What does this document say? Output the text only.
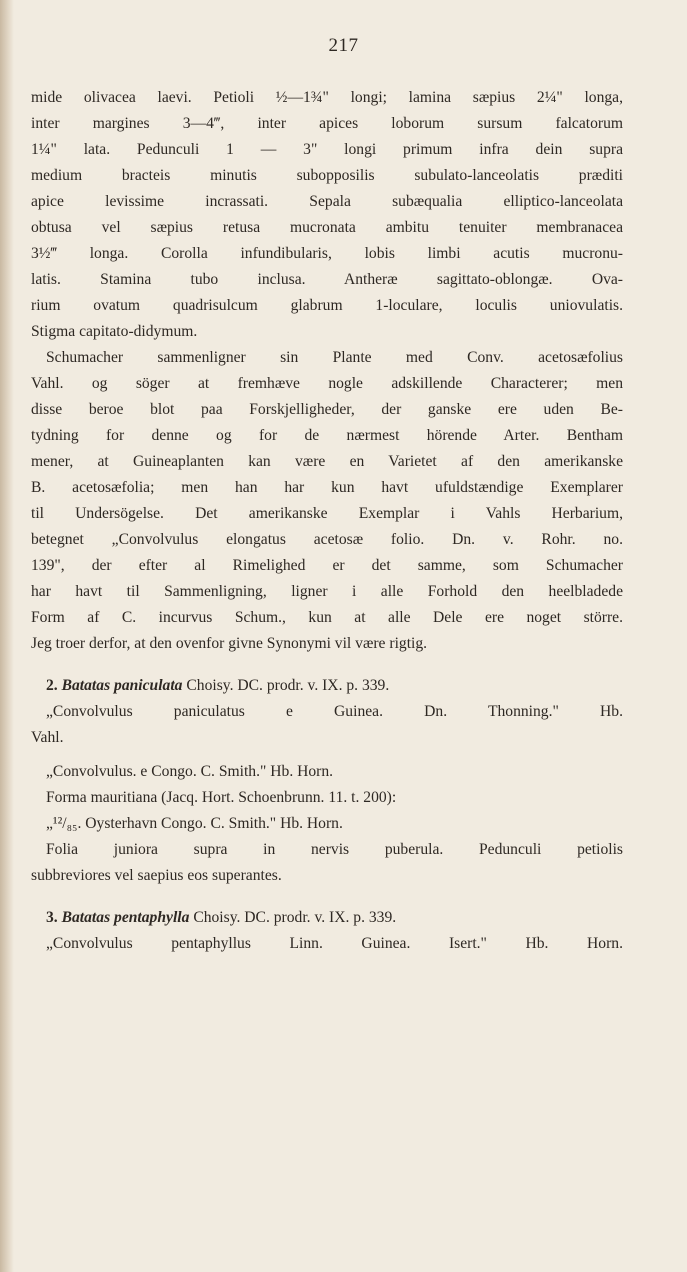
217
mide olivacea laevi. Petioli ½—1¾" longi; lamina sæpius 2¼" longa,
inter margines 3—4‴, inter apices loborum sursum falcatorum
1¼" lata. Pedunculi 1 — 3" longi primum infra dein supra
medium bracteis minutis subopposilis subulato-lanceolatis præditi
apice levissime incrassati. Sepala subæqualia elliptico-lanceolata
obtusa vel sæpius retusa mucronata ambitu tenuiter membranacea
3½‴ longa. Corolla infundibularis, lobis limbi acutis mucronu-
latis. Stamina tubo inclusa. Antheræ sagittato-oblongæ. Ova-
rium ovatum quadrisulcum glabrum 1-loculare, loculis uniovulatis.
Stigma capitato-didymum.
Schumacher sammenligner sin Plante med Conv. acetosæfolius
Vahl. og söger at fremhæve nogle adskillende Characterer; men
disse beroe blot paa Forskjelligheder, der ganske ere uden Be-
tydning for denne og for de nærmest hörende Arter. Bentham
mener, at Guineaplanten kan være en Varietet af den amerikanske
B. acetosæfolia; men han har kun havt ufuldstændige Exemplarer
til Undersögelse. Det amerikanske Exemplar i Vahls Herbarium,
betegnet „Convolvulus elongatus acetosæ folio. Dn. v. Rohr. no.
139", der efter al Rimelighed er det samme, som Schumacher
har havt til Sammenligning, ligner i alle Forhold den heelbladede
Form af C. incurvus Schum., kun at alle Dele ere noget större.
Jeg troer derfor, at den ovenfor givne Synonymi vil være rigtig.
2. Batatas paniculata Choisy. DC. prodr. v. IX. p. 339.
„Convolvulus paniculatus e Guinea. Dn. Thonning." Hb.
Vahl.
„Convolvulus. e Congo. C. Smith." Hb. Horn.
Forma mauritiana (Jacq. Hort. Schoenbrunn. 11. t. 200):
„¹²/₈₅. Oysterhavn Congo. C. Smith." Hb. Horn.
Folia juniora supra in nervis puberula. Pedunculi petiolis
subbreviores vel saepius eos superantes.
3. Batatas pentaphylla Choisy. DC. prodr. v. IX. p. 339.
„Convolvulus pentaphyllus Linn. Guinea. Isert." Hb. Horn.
